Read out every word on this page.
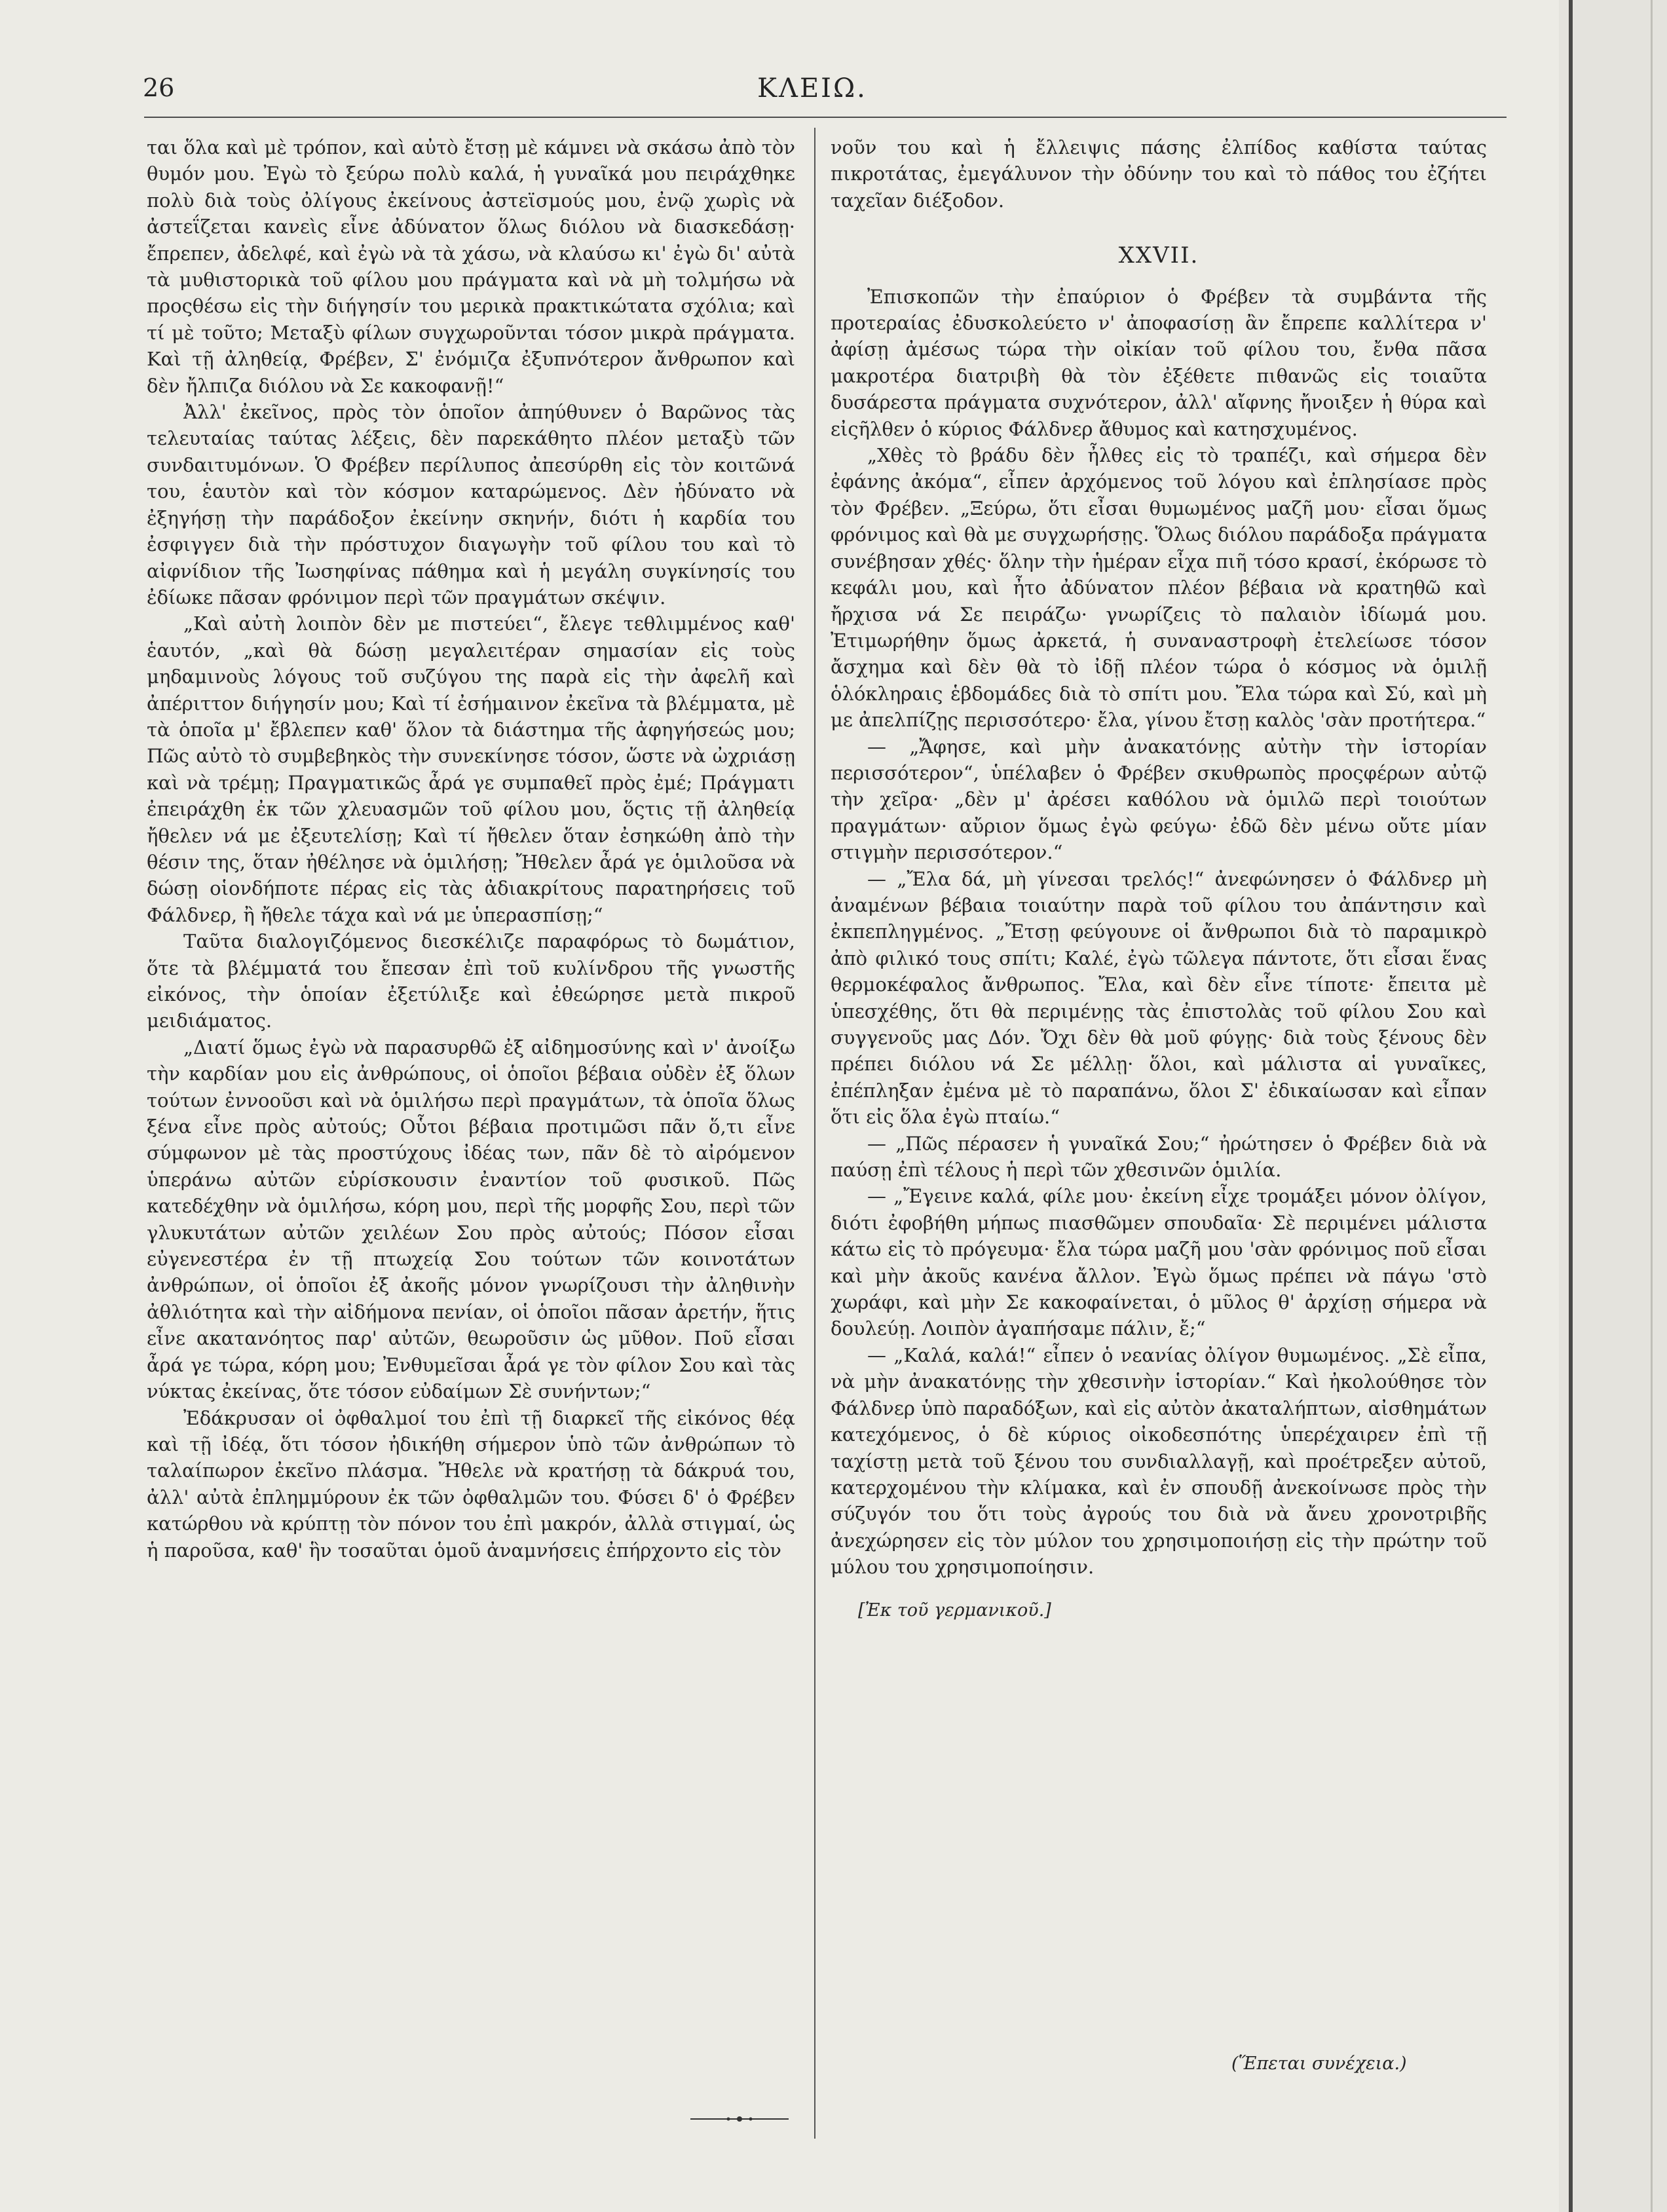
26	ΚΛΕΙΩ.

ται ὅλα καὶ μὲ τρόπον, καὶ αὐτὸ ἔτσῃ μὲ κάμνει νὰ σκάσω ἀπὸ τὸν θυμόν μου. Ἐγὼ τὸ ξεύρω πολὺ καλά, ἡ γυναῖκά μου πειράχθηκε πολὺ διὰ τοὺς ὀλίγους ἐκείνους ἀστεϊσμούς μου, ἐνῷ χωρὶς νὰ ἀστεΐζεται κανεὶς εἶνε ἀδύνατον ὅλως διόλου νὰ διασκεδάσῃ· ἔπρεπεν, ἀδελφέ, καὶ ἐγὼ νὰ τὰ χάσω, νὰ κλαύσω κι' ἐγὼ δι' αὐτὰ τὰ μυθιστορικὰ τοῦ φίλου μου πράγματα καὶ νὰ μὴ τολμήσω νὰ προςθέσω εἰς τὴν διήγησίν του μερικὰ πρακτικώτατα σχόλια; καὶ τί μὲ τοῦτο; Μεταξὺ φίλων συγχωροῦνται τόσον μικρὰ πράγματα. Καὶ τῇ ἀληθείᾳ, Φρέβεν, Σ' ἐνόμιζα ἐξυπνότερον ἄνθρωπον καὶ δὲν ἤλπιζα διόλου νὰ Σε κακοφανῇ!“

Ἀλλ' ἐκεῖνος, πρὸς τὸν ὁποῖον ἀπηύθυνεν ὁ Βαρῶνος τὰς τελευταίας ταύτας λέξεις, δὲν παρεκάθητο πλέον μεταξὺ τῶν συνδαιτυμόνων. Ὁ Φρέβεν περίλυπος ἀπεσύρθη εἰς τὸν κοιτῶνά του, ἑαυτὸν καὶ τὸν κόσμον καταρώμενος. Δὲν ἠδύνατο νὰ ἐξηγήσῃ τὴν παράδοξον ἐκείνην σκηνήν, διότι ἡ καρδία του ἐσφιγγεν διὰ τὴν πρόστυχον διαγωγὴν τοῦ φίλου του καὶ τὸ αἰφνίδιον τῆς Ἰωσηφίνας πάθημα καὶ ἡ μεγάλη συγκίνησίς του ἐδίωκε πᾶσαν φρόνιμον περὶ τῶν πραγμάτων σκέψιν.

„Καὶ αὐτὴ λοιπὸν δὲν με πιστεύει“, ἔλεγε τεθλιμμένος καθ' ἑαυτόν, „καὶ θὰ δώσῃ μεγαλειτέραν σημασίαν εἰς τοὺς μηδαμινοὺς λόγους τοῦ συζύγου της παρὰ εἰς τὴν ἀφελῆ καὶ ἀπέριττον διήγησίν μου; Καὶ τί ἐσήμαινον ἐκεῖνα τὰ βλέμματα, μὲ τὰ ὁποῖα μ' ἔβλεπεν καθ' ὅλον τὰ διάστημα τῆς ἀφηγήσεώς μου; Πῶς αὐτὸ τὸ συμβεβηκὸς τὴν συνεκίνησε τόσον, ὥστε νὰ ὠχριάσῃ καὶ νὰ τρέμῃ; Πραγματικῶς ἆρά γε συμπαθεῖ πρὸς ἐμέ; Πράγματι ἐπειράχθη ἐκ τῶν χλευασμῶν τοῦ φίλου μου, ὅςτις τῇ ἀληθείᾳ ἤθελεν νά με ἐξευτελίσῃ; Καὶ τί ἤθελεν ὅταν ἐσηκώθη ἀπὸ τὴν θέσιν της, ὅταν ἠθέλησε νὰ ὁμιλήσῃ; Ἤθελεν ἆρά γε ὁμιλοῦσα νὰ δώσῃ οἱονδήποτε πέρας εἰς τὰς ἀδιακρίτους παρατηρήσεις τοῦ Φάλδνερ, ἢ ἤθελε τάχα καὶ νά με ὑπερασπίσῃ;“

Ταῦτα διαλογιζόμενος διεσκέλιζε παραφόρως τὸ δωμάτιον, ὅτε τὰ βλέμματά του ἔπεσαν ἐπὶ τοῦ κυλίνδρου τῆς γνωστῆς εἰκόνος, τὴν ὁποίαν ἐξετύλιξε καὶ ἐθεώρησε μετὰ πικροῦ μειδιάματος.

„Διατί ὅμως ἐγὼ νὰ παρασυρθῶ ἐξ αἰδημοσύνης καὶ ν' ἀνοίξω τὴν καρδίαν μου εἰς ἀνθρώπους, οἱ ὁποῖοι βέβαια οὐδὲν ἐξ ὅλων τούτων ἐννοοῦσι καὶ νὰ ὁμιλήσω περὶ πραγμάτων, τὰ ὁποῖα ὅλως ξένα εἶνε πρὸς αὐτούς; Οὗτοι βέβαια προτιμῶσι πᾶν ὅ,τι εἶνε σύμφωνον μὲ τὰς προστύχους ἰδέας των, πᾶν δὲ τὸ αἰρόμενον ὑπεράνω αὐτῶν εὑρίσκουσιν ἐναντίον τοῦ φυσικοῦ. Πῶς κατεδέχθην νὰ ὁμιλήσω, κόρη μου, περὶ τῆς μορφῆς Σου, περὶ τῶν γλυκυτάτων αὐτῶν χειλέων Σου πρὸς αὐτούς; Πόσον εἶσαι εὐγενεστέρα ἐν τῇ πτωχείᾳ Σου τούτων τῶν κοινοτάτων ἀνθρώπων, οἱ ὁποῖοι ἐξ ἀκοῆς μόνον γνωρίζουσι τὴν ἀληθινὴν ἀθλιότητα καὶ τὴν αἰδήμονα πενίαν, οἱ ὁποῖοι πᾶσαν ἀρετήν, ἥτις εἶνε ακατανόητος παρ' αὐτῶν, θεωροῦσιν ὡς μῦθον. Ποῦ εἶσαι ἆρά γε τώρα, κόρη μου; Ἐνθυμεῖσαι ἆρά γε τὸν φίλον Σου καὶ τὰς νύκτας ἐκείνας, ὅτε τόσον εὐδαίμων Σὲ συνήντων;“

Ἐδάκρυσαν οἱ ὀφθαλμοί του ἐπὶ τῇ διαρκεῖ τῆς εἰκόνος θέᾳ καὶ τῇ ἰδέᾳ, ὅτι τόσον ἠδικήθη σήμερον ὑπὸ τῶν ἀνθρώπων τὸ ταλαίπωρον ἐκεῖνο πλάσμα. Ἤθελε νὰ κρατήσῃ τὰ δάκρυά του, ἀλλ' αὐτὰ ἐπλημμύρουν ἐκ τῶν ὀφθαλμῶν του. Φύσει δ' ὁ Φρέβεν κατώρθου νὰ κρύπτῃ τὸν πόνον του ἐπὶ μακρόν, ἀλλὰ στιγμαί, ὡς ἡ παροῦσα, καθ' ἣν τοσαῦται ὁμοῦ ἀναμνήσεις ἐπήρχοντο εἰς τὸν

νοῦν του καὶ ἡ ἔλλειψις πάσης ἐλπίδος καθίστα ταύτας πικροτάτας, ἐμεγάλυνον τὴν ὀδύνην του καὶ τὸ πάθος του ἐζήτει ταχεῖαν διέξοδον.

XXVII.

Ἐπισκοπῶν τὴν ἐπαύριον ὁ Φρέβεν τὰ συμβάντα τῆς προτεραίας ἐδυσκολεύετο ν' ἀποφασίσῃ ἂν ἔπρεπε καλλίτερα ν' ἀφίσῃ ἀμέσως τώρα τὴν οἰκίαν τοῦ φίλου του, ἔνθα πᾶσα μακροτέρα διατριβὴ θὰ τὸν ἐξέθετε πιθανῶς εἰς τοιαῦτα δυσάρεστα πράγματα συχνότερον, ἀλλ' αἴφνης ἤνοιξεν ἡ θύρα καὶ εἰςῆλθεν ὁ κύριος Φάλδνερ ἄθυμος καὶ κατησχυμένος.

„Χθὲς τὸ βράδυ δὲν ἦλθες εἰς τὸ τραπέζι, καὶ σήμερα δὲν ἐφάνης ἀκόμα“, εἶπεν ἀρχόμενος τοῦ λόγου καὶ ἐπλησίασε πρὸς τὸν Φρέβεν. „Ξεύρω, ὅτι εἶσαι θυμωμένος μαζῆ μου· εἶσαι ὅμως φρόνιμος καὶ θὰ με συγχωρήσῃς. Ὅλως διόλου παράδοξα πράγματα συνέβησαν χθές· ὅλην τὴν ἡμέραν εἶχα πιῆ τόσο κρασί, ἐκόρωσε τὸ κεφάλι μου, καὶ ἦτο ἀδύνατον πλέον βέβαια νὰ κρατηθῶ καὶ ἤρχισα νά Σε πειράζω· γνωρίζεις τὸ παλαιὸν ἰδίωμά μου. Ἐτιμωρήθην ὅμως ἀρκετά, ἡ συναναστροφὴ ἐτελείωσε τόσον ἄσχημα καὶ δὲν θὰ τὸ ἰδῇ πλέον τώρα ὁ κόσμος νὰ ὁμιλῇ ὁλόκληραις ἑβδομάδες διὰ τὸ σπίτι μου. Ἔλα τώρα καὶ Σύ, καὶ μὴ με ἀπελπίζῃς περισσότερο· ἔλα, γίνου ἔτσῃ καλὸς 'σὰν προτήτερα.“

— „Ἄφησε, καὶ μὴν ἀνακατόνῃς αὐτὴν τὴν ἱστορίαν περισσότερον“, ὑπέλαβεν ὁ Φρέβεν σκυθρωπὸς προςφέρων αὐτῷ τὴν χεῖρα· „δὲν μ' ἀρέσει καθόλου νὰ ὁμιλῶ περὶ τοιούτων πραγμάτων· αὔριον ὅμως ἐγὼ φεύγω· ἐδῶ δὲν μένω οὔτε μίαν στιγμὴν περισσότερον.“

— „Ἔλα δά, μὴ γίνεσαι τρελός!“ ἀνεφώνησεν ὁ Φάλδνερ μὴ ἀναμένων βέβαια τοιαύτην παρὰ τοῦ φίλου του ἀπάντησιν καὶ ἐκπεπληγμένος. „Ἔτσῃ φεύγουνε οἱ ἄνθρωποι διὰ τὸ παραμικρὸ ἀπὸ φιλικό τους σπίτι; Καλέ, ἐγὼ τῶλεγα πάντοτε, ὅτι εἶσαι ἕνας θερμοκέφαλος ἄνθρωπος. Ἔλα, καὶ δὲν εἶνε τίποτε· ἔπειτα μὲ ὑπεσχέθης, ὅτι θὰ περιμένῃς τὰς ἐπιστολὰς τοῦ φίλου Σου καὶ συγγενοῦς μας Δόν. Ὄχι δὲν θὰ μοῦ φύγῃς· διὰ τοὺς ξένους δὲν πρέπει διόλου νά Σε μέλλῃ· ὅλοι, καὶ μάλιστα αἱ γυναῖκες, ἐπέπληξαν ἐμένα μὲ τὸ παραπάνω, ὅλοι Σ' ἐδικαίωσαν καὶ εἶπαν ὅτι εἰς ὅλα ἐγὼ πταίω.“

— „Πῶς πέρασεν ἡ γυναῖκά Σου;“ ἠρώτησεν ὁ Φρέβεν διὰ νὰ παύσῃ ἐπὶ τέλους ἡ περὶ τῶν χθεσινῶν ὁμιλία.

— „Ἔγεινε καλά, φίλε μου· ἐκείνη εἶχε τρομάξει μόνον ὀλίγον, διότι ἐφοβήθη μήπως πιασθῶμεν σπουδαῖα· Σὲ περιμένει μάλιστα κάτω εἰς τὸ πρόγευμα· ἔλα τώρα μαζῆ μου 'σὰν φρόνιμος ποῦ εἶσαι καὶ μὴν ἀκοῦς κανένα ἄλλον. Ἐγὼ ὅμως πρέπει νὰ πάγω 'στὸ χωράφι, καὶ μὴν Σε κακοφαίνεται, ὁ μῦλος θ' ἀρχίσῃ σήμερα νὰ δουλεύῃ. Λοιπὸν ἀγαπήσαμε πάλιν, ἔ;“

— „Καλά, καλά!“ εἶπεν ὁ νεανίας ὀλίγον θυμωμένος. „Σὲ εἶπα, νὰ μὴν ἀνακατόνῃς τὴν χθεσινὴν ἱστορίαν.“ Καὶ ἠκολούθησε τὸν Φάλδνερ ὑπὸ παραδόξων, καὶ εἰς αὐτὸν ἀκαταλήπτων, αἰσθημάτων κατεχόμενος, ὁ δὲ κύριος οἰκοδεσπότης ὑπερέχαιρεν ἐπὶ τῇ ταχίστῃ μετὰ τοῦ ξένου του συνδιαλλαγῇ, καὶ προέτρεξεν αὐτοῦ, κατερχομένου τὴν κλίμακα, καὶ ἐν σπουδῇ ἀνεκοίνωσε πρὸς τὴν σύζυγόν του ὅτι τοὺς ἀγρούς του διὰ νὰ ἄνευ χρονοτριβῆς ἀνεχώρησεν εἰς τὸν μύλον του χρησιμοποιήσῃ εἰς τὴν πρώτην τοῦ μύλου του χρησιμοποίησιν.

[Ἐκ τοῦ γερμανικοῦ.]
(Ἕπεται συνέχεια.)
